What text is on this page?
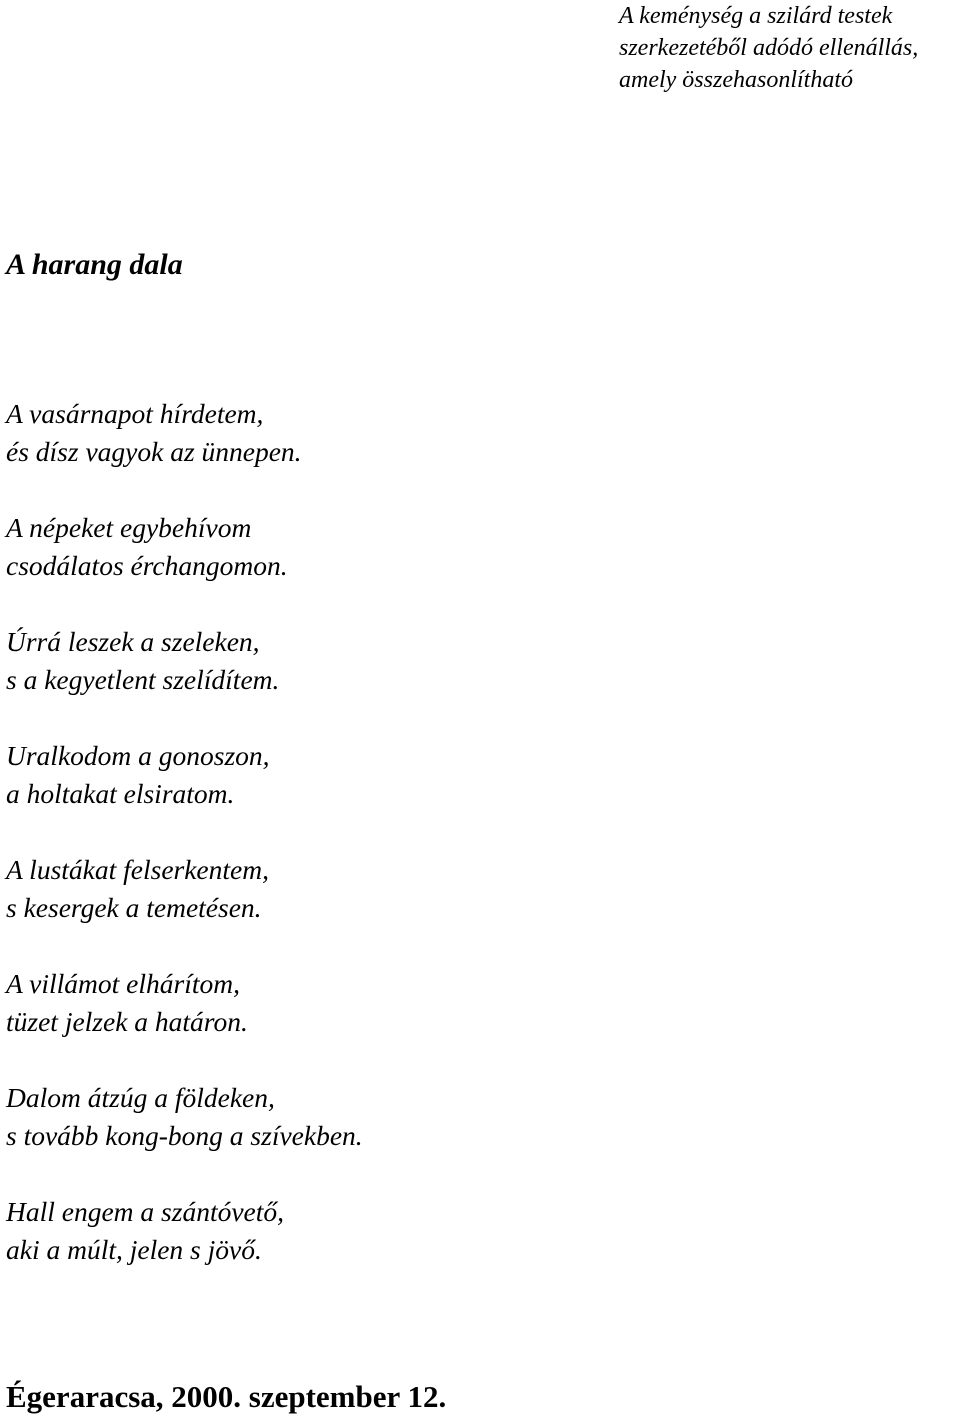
A keménység a szilárd testek
szerkezetéből adódó ellenállás,
amely összehasonlítható
A harang dala
A vasárnapot hírdetem,
és dísz vagyok az ünnepen.
A népeket egybehívom
csodálatos érchangomon.
Úrrá leszek a szeleken,
s a kegyetlent szelídítem.
Uralkodom a gonoszon,
a holtakat elsiratom.
A lustákat felserkentem,
s kesergek a temetésen.
A villámot elhárítom,
tüzet jelzek a határon.
Dalom átzúg a földeken,
s tovább kong-bong a szívekben.
Hall engem a szántóvető,
aki a múlt, jelen s jövő.
Égeraracsa, 2000. szeptember 12.
